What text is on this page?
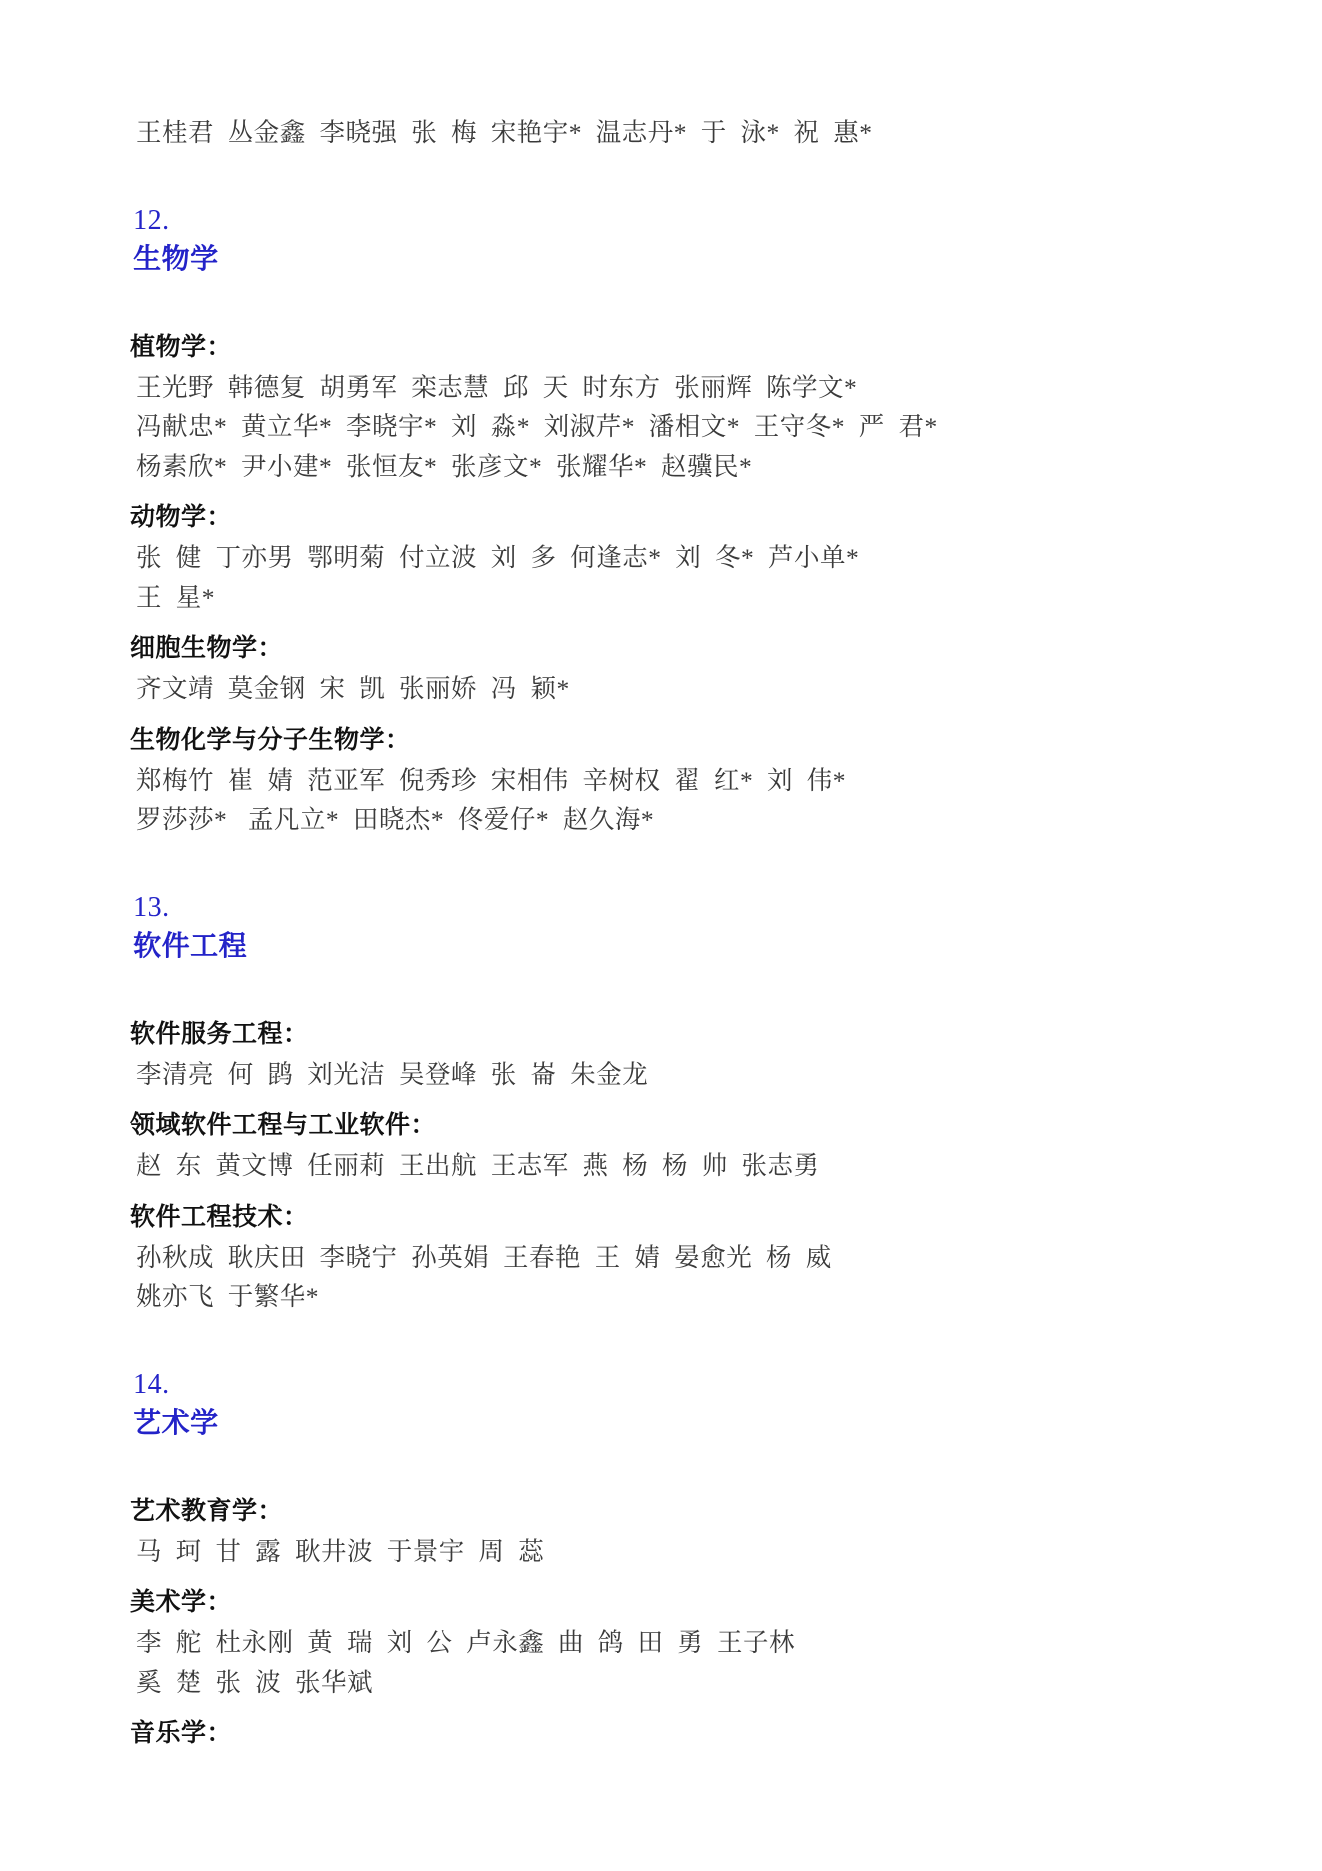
王桂君  丛金鑫  李晓强  张  梅  宋艳宇*  温志丹*  于  泳*  祝  惠*

12.
生物学

植物学：
王光野  韩德复  胡勇军  栾志慧  邱  天  时东方  张丽辉  陈学文*
冯献忠*  黄立华*  李晓宇*  刘  淼*  刘淑芹*  潘相文*  王守冬*  严  君*
杨素欣*  尹小建*  张恒友*  张彦文*  张耀华*  赵骥民*
动物学：
张  健  丁亦男  鄂明菊  付立波  刘  多  何逢志*  刘  冬*  芦小单*
王  星*
细胞生物学：
齐文靖  莫金钢  宋  凯  张丽娇  冯  颖*
生物化学与分子生物学：
郑梅竹  崔  婧  范亚军  倪秀珍  宋相伟  辛树权  翟  红*  刘  伟*
罗莎莎*   孟凡立*  田晓杰*  佟爱仔*  赵久海*

13.
软件工程

软件服务工程：
李清亮  何  鹍  刘光洁  吴登峰  张  崙  朱金龙
领域软件工程与工业软件：
赵  东  黄文博  任丽莉  王出航  王志军  燕  杨  杨  帅  张志勇
软件工程技术：
孙秋成  耿庆田  李晓宁  孙英娟  王春艳  王  婧  晏愈光  杨  威
姚亦飞  于繁华*

14.
艺术学

艺术教育学：
马  珂  甘  露  耿井波  于景宇  周  蕊
美术学：
李  舵  杜永刚  黄  瑞  刘  公  卢永鑫  曲  鸽  田  勇  王子林
奚  楚  张  波  张华斌
音乐学：
